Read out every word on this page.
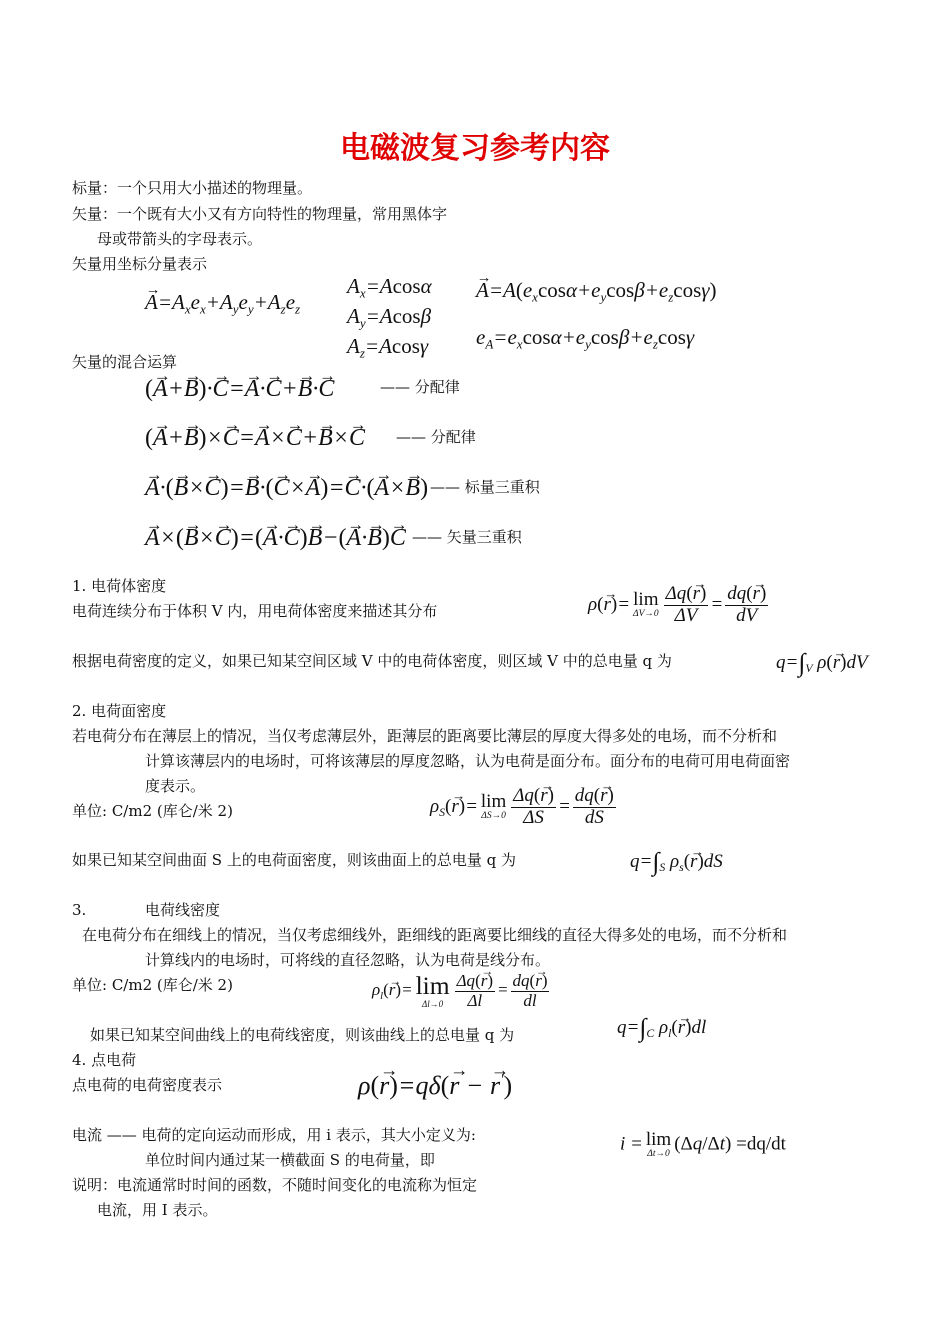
电磁波复习参考内容
标量：一个只用大小描述的物理量。
矢量：一个既有大小又有方向特性的物理量，常用黑体字
母或带箭头的字母表示。
矢量用坐标分量表示
→ $A=A_xe_x+A_ye_y+A_ze_z$
$A_x=Acos\alpha$
$A_y=Acos\beta$
$A_z=Acos\gamma$
→ $A=A(e_x\cos\alpha+e_y\cos\beta+e_z\cos\gamma)$
$e_A=e_x\cos\alpha+e_y\cos\beta+e_z\cos\gamma$
矢量的混合运算
(→ A+→ B)·→ C=→ A·→ C+→ B·→ C	—— 分配律
(→ A+→ B)×→ C=→ A×→ C+→ B×→ C —— 分配律
→ A·(→ B×→ C)=→ B·(→ C×→ A)=→ C·(→ A×→ B) —— 标量三重积
→ A×(→ B×→ C)=(→ A·→ C)→ B−(→ A·→ B)→ C —— 矢量三重积
1. 电荷体密度
电荷连续分布于体积 V 内，用电荷体密度来描述其分布	ρ(→ r)= lim
$\Delta V\to 0 \frac{\Delta q(\to r)}{\Delta V} = \frac{dq(\to r)}{dV}$
根据电荷密度的定义，如果已知某空间区域 V 中的电荷体密度，则区域 V 中的总电量 q 为	$q=\int_V$ ρ(→ r)dV
2. 电荷面密度
若电荷分布在薄层上的情况，当仅考虑薄层外，距薄层的距离要比薄层的厚度大得多处的电场，而不分析和
计算该薄层内的电场时，可将该薄层的厚度忽略，认为电荷是面分布。面分布的电荷可用电荷面密
度表示。
单位: C/m2 (库仑/米 2)	$\rho_S(\to r)= \lim$
$\Delta S\to 0 \frac{\Delta q(\to r)}{\Delta S} = \frac{dq(\to r)}{dS}$
如果已知某空间曲面 S 上的电荷面密度，则该曲面上的总电量 q 为	$q=\int_S$ $\rho_s(\to r)dS$
3.	电荷线密度
在电荷分布在细线上的情况，当仅考虑细线外，距细线的距离要比细线的直径大得多处的电场，而不分析和
计算线内的电场时，可将线的直径忽略，认为电荷是线分布。
单位: C/m2 (库仑/米 2)	$\rho_l(\to r)= \lim$
$\Delta l\to 0 \frac{\Delta q(\to r)}{\Delta l} = \frac{dq(\to r)}{dl}$
如果已知某空间曲线上的电荷线密度，则该曲线上的总电量 q 为	$q=\int_C$ $\rho_l(\to r)dl$
4. 点电荷
点电荷的电荷密度表示	ρ(→ r)=qδ(→ r − → r')
电流 —— 电荷的定向运动而形成，用 i 表示，其大小定义为:
单位时间内通过某一横截面 S 的电荷量，即
i = lim
Δt→0 (Δq/Δt) =dq/dt
说明：电流通常时时间的函数，不随时间变化的电流称为恒定
电流，用 I 表示。
